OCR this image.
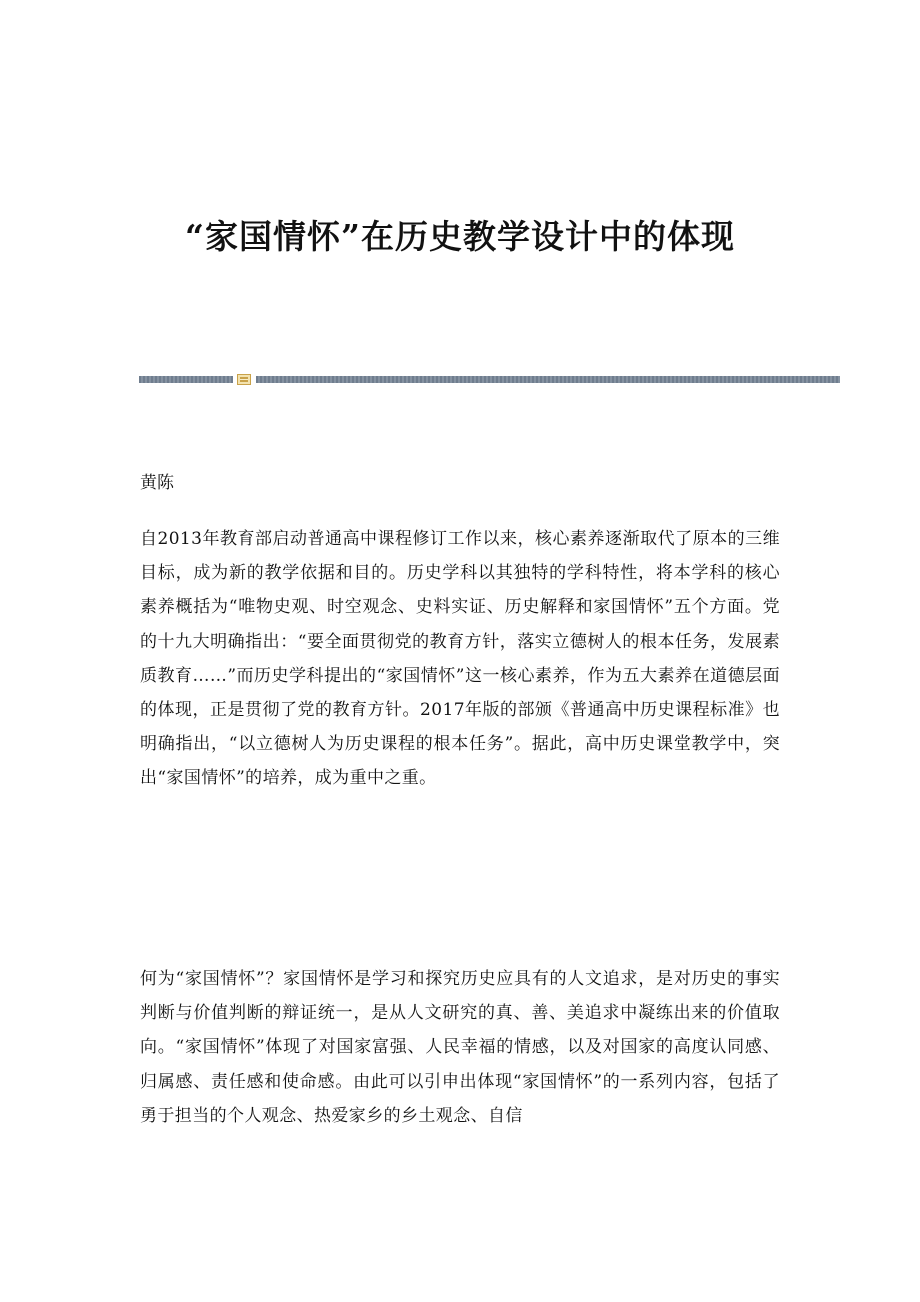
“家国情怀”在历史教学设计中的体现
黄陈
自2013年教育部启动普通高中课程修订工作以来，核心素养逐渐取代了原本的三维目标，成为新的教学依据和目的。历史学科以其独特的学科特性，将本学科的核心素养概括为“唯物史观、时空观念、史料实证、历史解释和家国情怀”五个方面。党的十九大明确指出：“要全面贯彻党的教育方针，落实立德树人的根本任务，发展素质教育……”而历史学科提出的“家国情怀”这一核心素养，作为五大素养在道德层面的体现，正是贯彻了党的教育方针。2017年版的部颁《普通高中历史课程标准》也明确指出，“以立德树人为历史课程的根本任务”。据此，高中历史课堂教学中，突出“家国情怀”的培养，成为重中之重。
何为“家国情怀”？家国情怀是学习和探究历史应具有的人文追求，是对历史的事实判断与价值判断的辩证统一，是从人文研究的真、善、美追求中凝练出来的价值取向。“家国情怀”体现了对国家富强、人民幸福的情感，以及对国家的高度认同感、归属感、责任感和使命感。由此可以引申出体现“家国情怀”的一系列内容，包括了勇于担当的个人观念、热爱家乡的乡土观念、自信
